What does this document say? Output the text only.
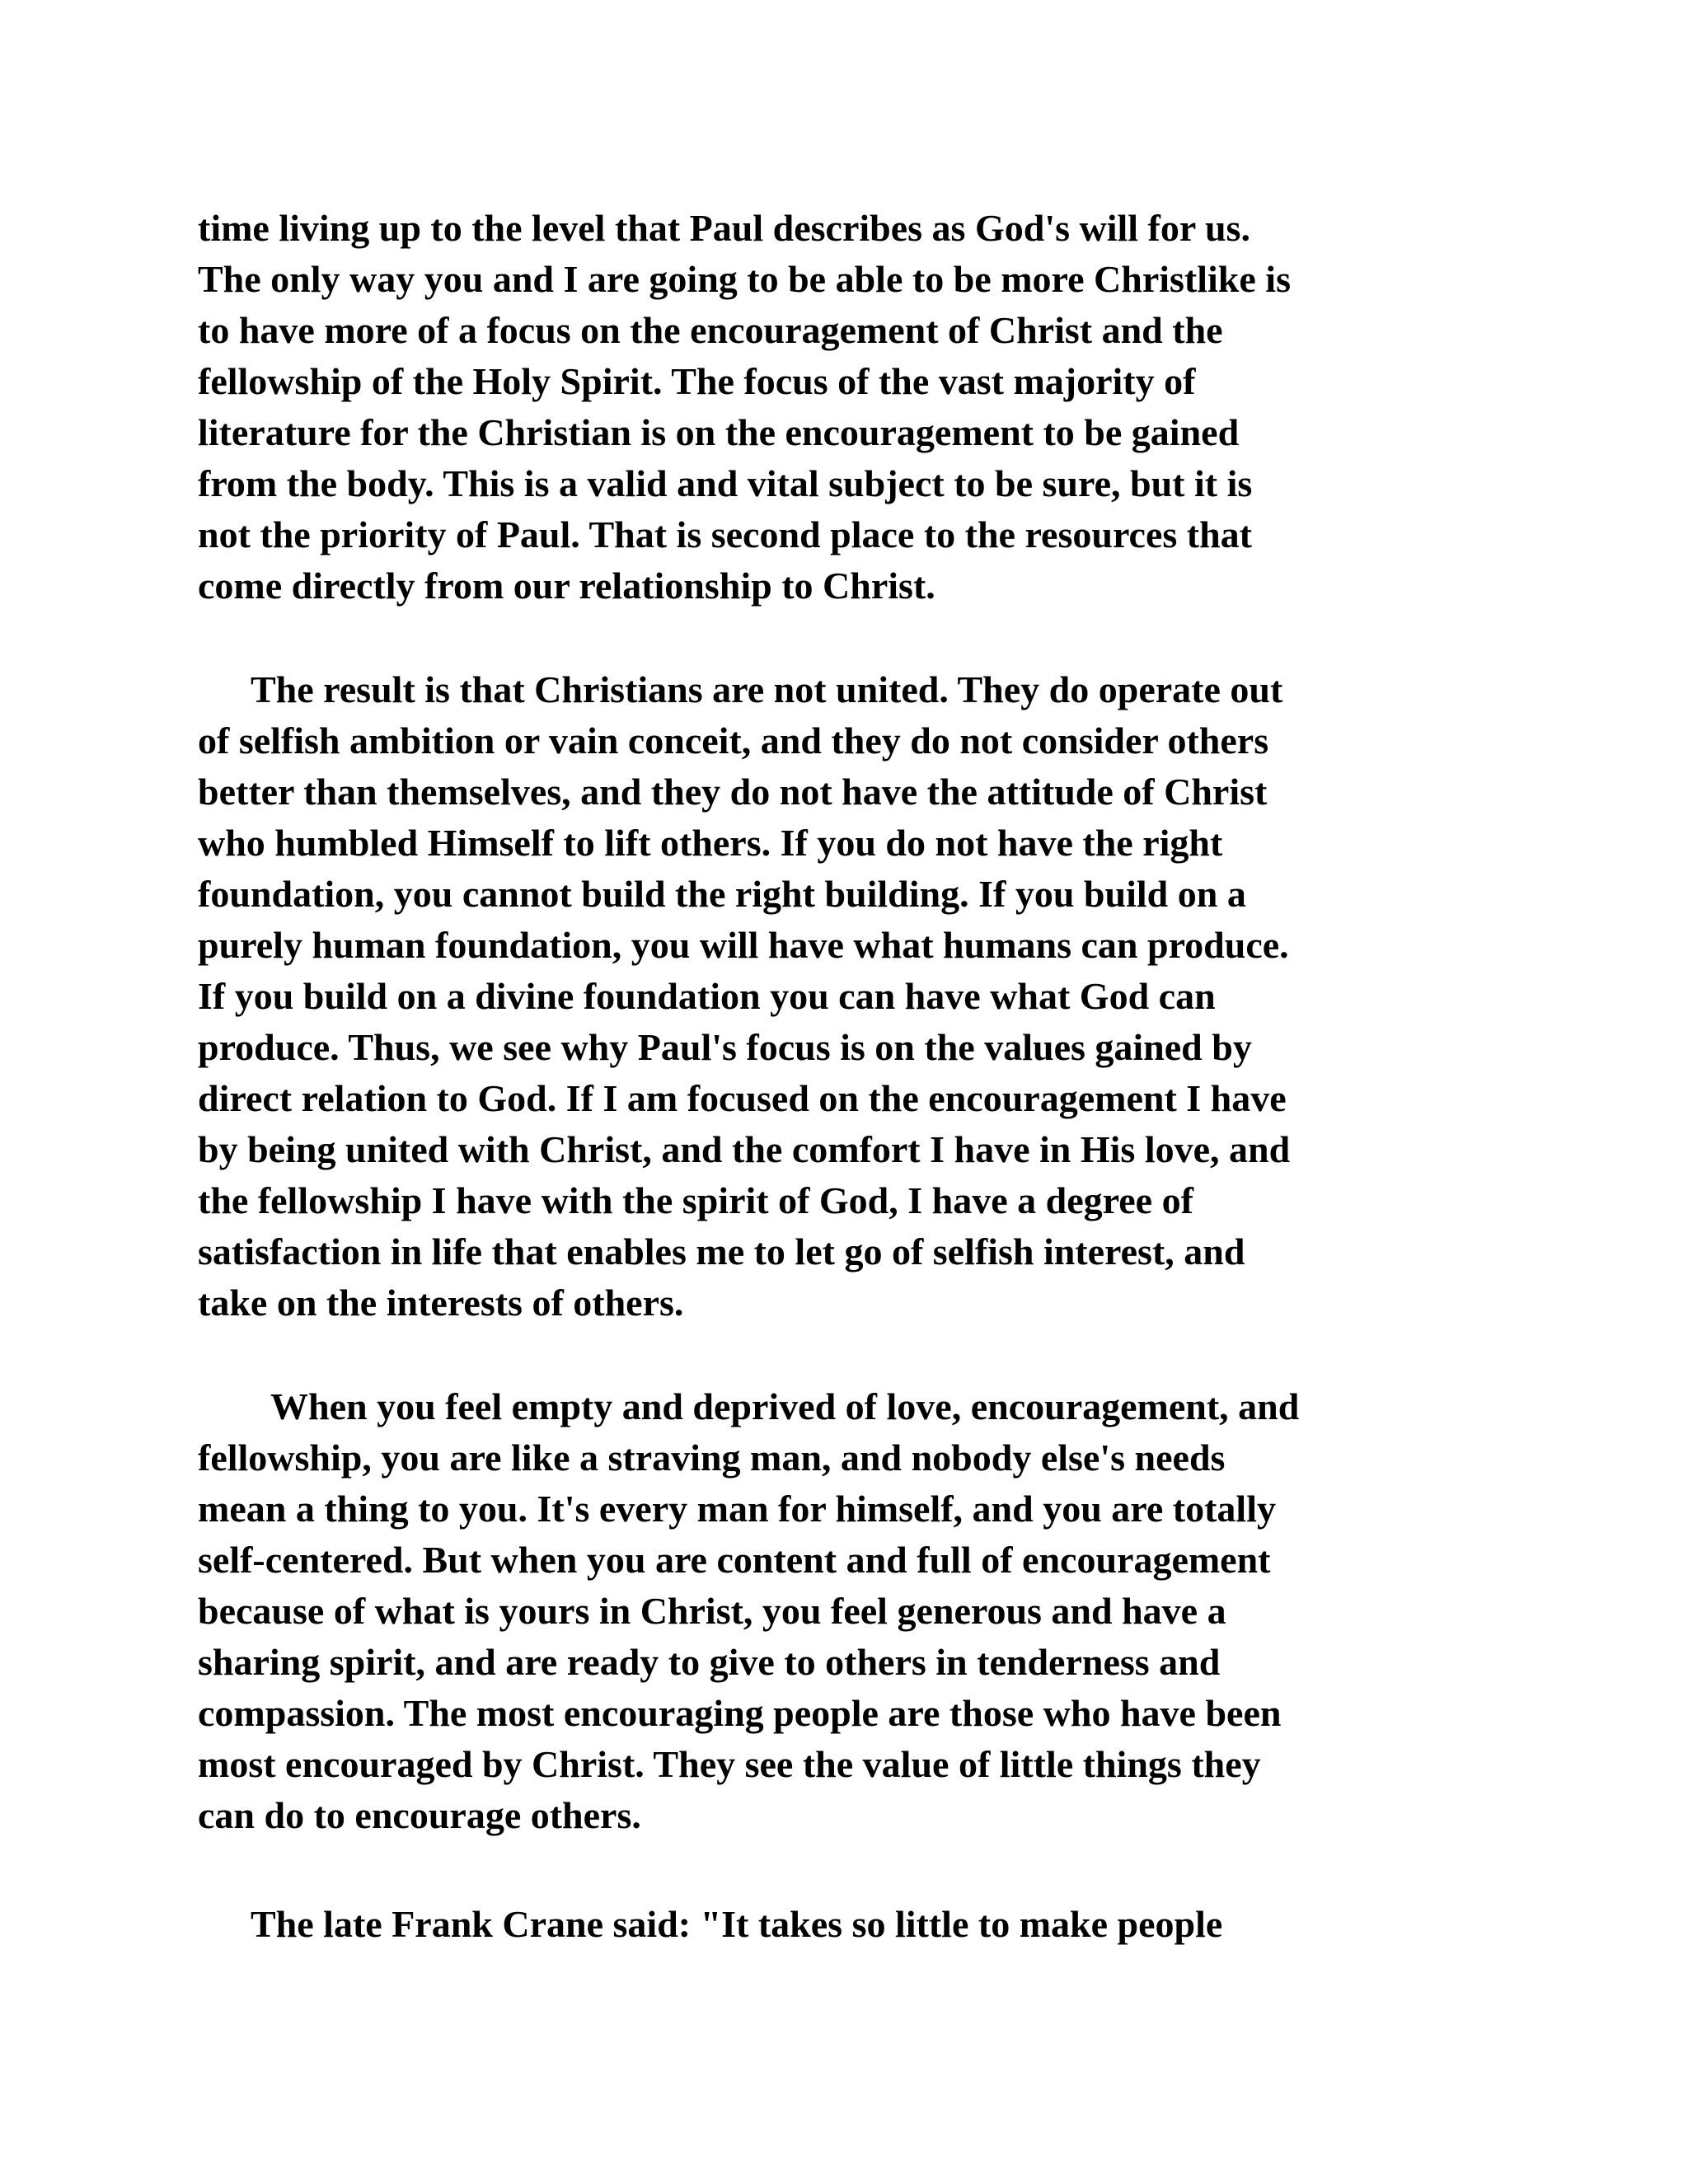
time living up to the level that Paul describes as God's will for us.
The only way you and I are going to be able to be more Christlike is
to have more of a focus on the encouragement of Christ and the
fellowship of the Holy Spirit. The focus of the vast majority of
literature for the Christian is on the encouragement to be gained
from the body. This is a valid and vital subject to be sure, but it is
not the priority of Paul. That is second place to the resources that
come directly from our relationship to Christ.
The result is that Christians are not united. They do operate out
of selfish ambition or vain conceit, and they do not consider others
better than themselves, and they do not have the attitude of Christ
who humbled Himself to lift others. If you do not have the right
foundation, you cannot build the right building. If you build on a
purely human foundation, you will have what humans can produce.
If you build on a divine foundation you can have what God can
produce. Thus, we see why Paul's focus is on the values gained by
direct relation to God. If I am focused on the encouragement I have
by being united with Christ, and the comfort I have in His love, and
the fellowship I have with the spirit of God, I have a degree of
satisfaction in life that enables me to let go of selfish interest, and
take on the interests of others.
When you feel empty and deprived of love, encouragement, and
fellowship, you are like a straving man, and nobody else's needs
mean a thing to you. It's every man for himself, and you are totally
self-centered. But when you are content and full of encouragement
because of what is yours in Christ, you feel generous and have a
sharing spirit, and are ready to give to others in tenderness and
compassion. The most encouraging people are those who have been
most encouraged by Christ. They see the value of little things they
can do to encourage others.
The late Frank Crane said: "It takes so little to make people
